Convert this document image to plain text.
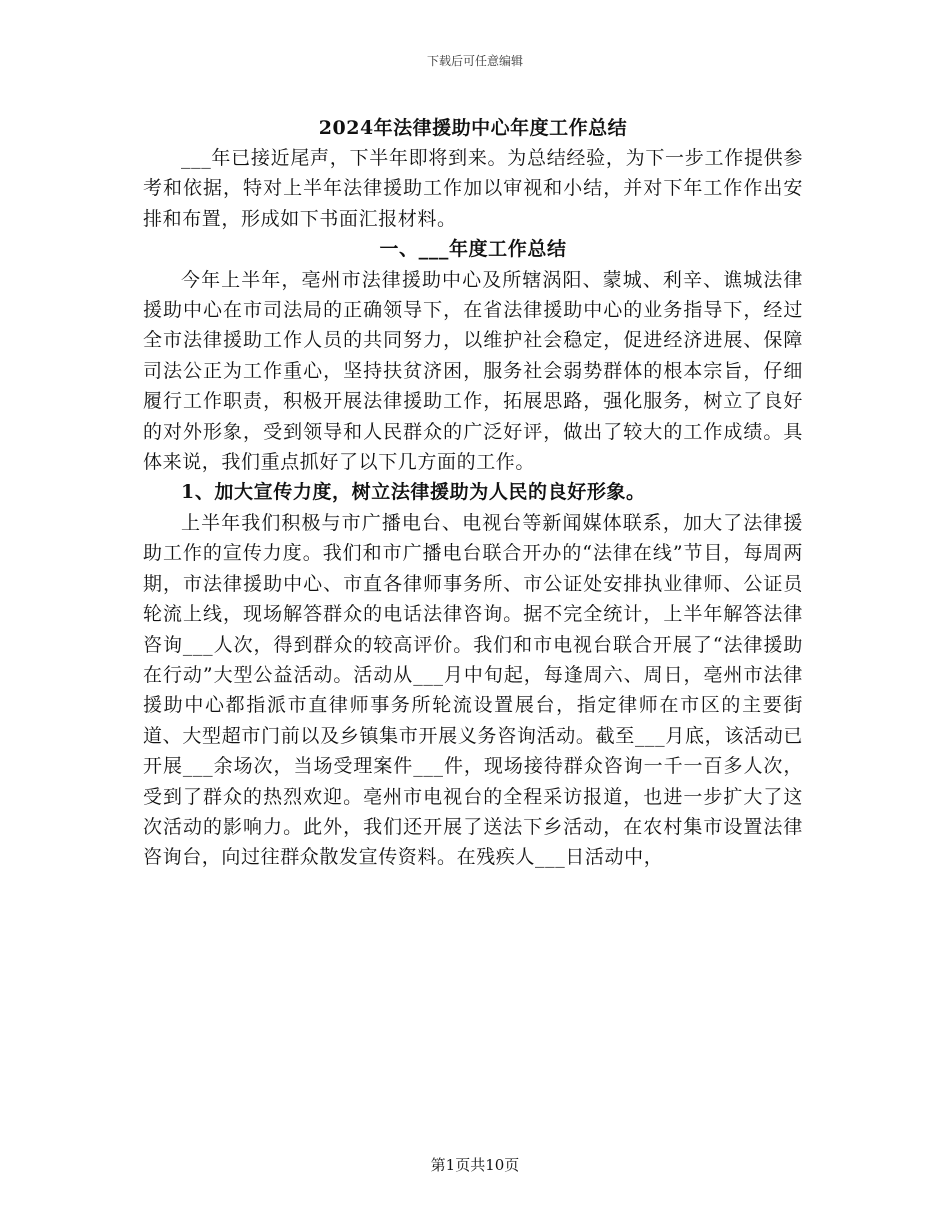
下载后可任意编辑
2024年法律援助中心年度工作总结

___年已接近尾声，下半年即将到来。为总结经验，为下一步工作提供参考和依据，特对上半年法律援助工作加以审视和小结，并对下年工作作出安排和布置，形成如下书面汇报材料。

一、___年度工作总结

今年上半年，亳州市法律援助中心及所辖涡阳、蒙城、利辛、谯城法律援助中心在市司法局的正确领导下，在省法律援助中心的业务指导下，经过全市法律援助工作人员的共同努力，以维护社会稳定，促进经济进展、保障司法公正为工作重心，坚持扶贫济困，服务社会弱势群体的根本宗旨，仔细履行工作职责，积极开展法律援助工作，拓展思路，强化服务，树立了良好的对外形象，受到领导和人民群众的广泛好评，做出了较大的工作成绩。具体来说，我们重点抓好了以下几方面的工作。

1、加大宣传力度，树立法律援助为人民的良好形象。

上半年我们积极与市广播电台、电视台等新闻媒体联系，加大了法律援助工作的宣传力度。我们和市广播电台联合开办的“法律在线”节目，每周两期，市法律援助中心、市直各律师事务所、市公证处安排执业律师、公证员轮流上线，现场解答群众的电话法律咨询。据不完全统计，上半年解答法律咨询___人次，得到群众的较高评价。我们和市电视台联合开展了“法律援助在行动”大型公益活动。活动从___月中旬起，每逢周六、周日，亳州市法律援助中心都指派市直律师事务所轮流设置展台，指定律师在市区的主要街道、大型超市门前以及乡镇集市开展义务咨询活动。截至___月底，该活动已开展___余场次，当场受理案件___件，现场接待群众咨询一千一百多人次，受到了群众的热烈欢迎。亳州市电视台的全程采访报道，也进一步扩大了这次活动的影响力。此外，我们还开展了送法下乡活动，在农村集市设置法律咨询台，向过往群众散发宣传资料。在残疾人___日活动中，

第1页共10页
